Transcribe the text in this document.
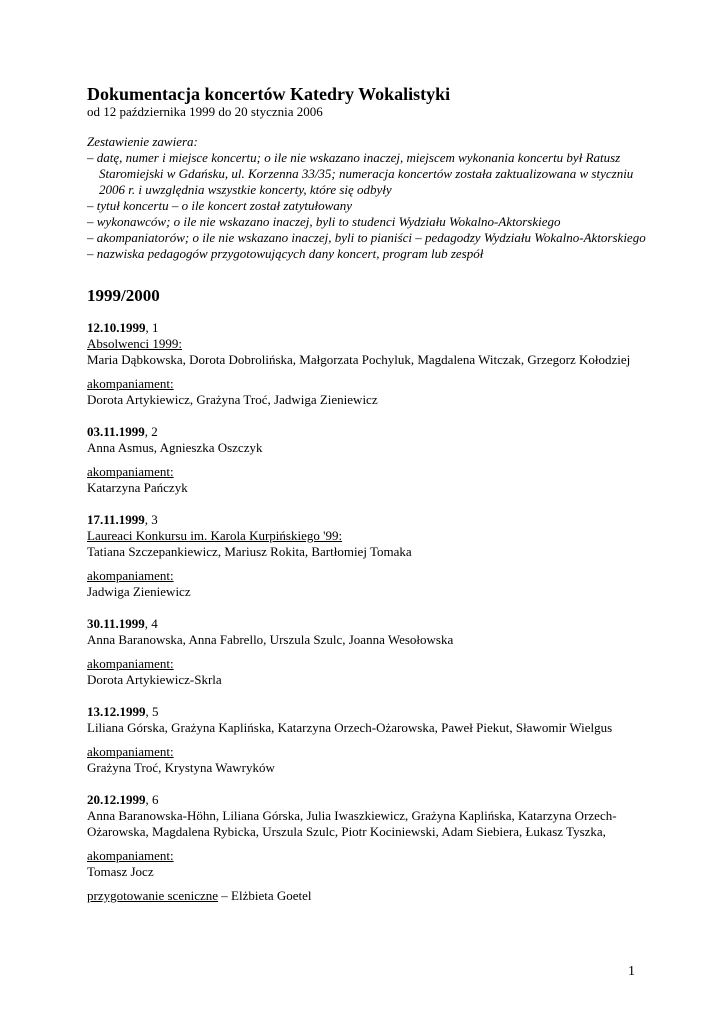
Dokumentacja koncertów Katedry Wokalistyki
od 12 października 1999 do 20 stycznia 2006

Zestawienie zawiera:

– datę, numer i miejsce koncertu; o ile nie wskazano inaczej, miejscem wykonania koncertu był Ratusz Staromiejski w Gdańsku, ul. Korzenna 33/35; numeracja koncertów została zaktualizowana w styczniu 2006 r. i uwzględnia wszystkie koncerty, które się odbyły
– tytuł koncertu – o ile koncert został zatytułowany
– wykonawców; o ile nie wskazano inaczej, byli to studenci Wydziału Wokalno-Aktorskiego
– akompaniatorów; o ile nie wskazano inaczej, byli to pianiści – pedagodzy Wydziału Wokalno-Aktorskiego
– nazwiska pedagogów przygotowujących dany koncert, program lub zespół
1999/2000
12.10.1999, 1
Absolwenci 1999:
Maria Dąbkowska, Dorota Dobrolińska, Małgorzata Pochyluk, Magdalena Witczak, Grzegorz Kołodziej
akompaniament:
Dorota Artykiewicz, Grażyna Troć, Jadwiga Zieniewicz
03.11.1999, 2
Anna Asmus, Agnieszka Oszczyk
akompaniament:
Katarzyna Pańczyk
17.11.1999, 3
Laureaci Konkursu im. Karola Kurpińskiego '99:
Tatiana Szczepankiewicz, Mariusz Rokita, Bartłomiej Tomaka
akompaniament:
Jadwiga Zieniewicz
30.11.1999, 4
Anna Baranowska, Anna Fabrello, Urszula Szulc, Joanna Wesołowska
akompaniament:
Dorota Artykiewicz-Skrla
13.12.1999, 5
Liliana Górska, Grażyna Kaplińska, Katarzyna Orzech-Ożarowska, Paweł Piekut, Sławomir Wielgus
akompaniament:
Grażyna Troć, Krystyna Wawryków
20.12.1999, 6
Anna Baranowska-Höhn, Liliana Górska, Julia Iwaszkiewicz, Grażyna Kaplińska, Katarzyna Orzech-Ożarowska, Magdalena Rybicka, Urszula Szulc, Piotr Kociniewski, Adam Siebiera, Łukasz Tyszka,
akompaniament:
Tomasz Jocz
przygotowanie sceniczne – Elżbieta Goetel
1
